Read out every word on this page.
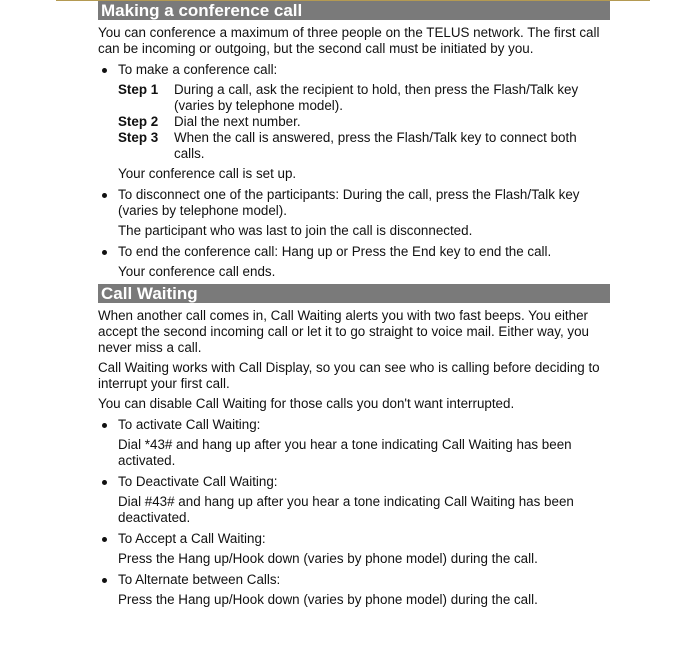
Making a conference call

You can conference a maximum of three people on the TELUS network. The first call can be incoming or outgoing, but the second call must be initiated by you.

To make a conference call:
Step 1	During a call, ask the recipient to hold, then press the Flash/Talk key (varies by telephone model).
Step 2	Dial the next number.
Step 3	When the call is answered, press the Flash/Talk key to connect both calls.

Your conference call is set up.

To disconnect one of the participants: During the call, press the Flash/Talk key (varies by telephone model).

The participant who was last to join the call is disconnected.

To end the conference call: Hang up or Press the End key to end the call.

Your conference call ends.

Call Waiting

When another call comes in, Call Waiting alerts you with two fast beeps. You either accept the second incoming call or let it to go straight to voice mail. Either way, you never miss a call.

Call Waiting works with Call Display, so you can see who is calling before deciding to interrupt your first call.

You can disable Call Waiting for those calls you don't want interrupted.

To activate Call Waiting:

Dial *43# and hang up after you hear a tone indicating Call Waiting has been activated.

To Deactivate Call Waiting:

Dial #43# and hang up after you hear a tone indicating Call Waiting has been deactivated.

To Accept a Call Waiting:

Press the Hang up/Hook down (varies by phone model) during the call.

To Alternate between Calls:

Press the Hang up/Hook down (varies by phone model) during the call.
